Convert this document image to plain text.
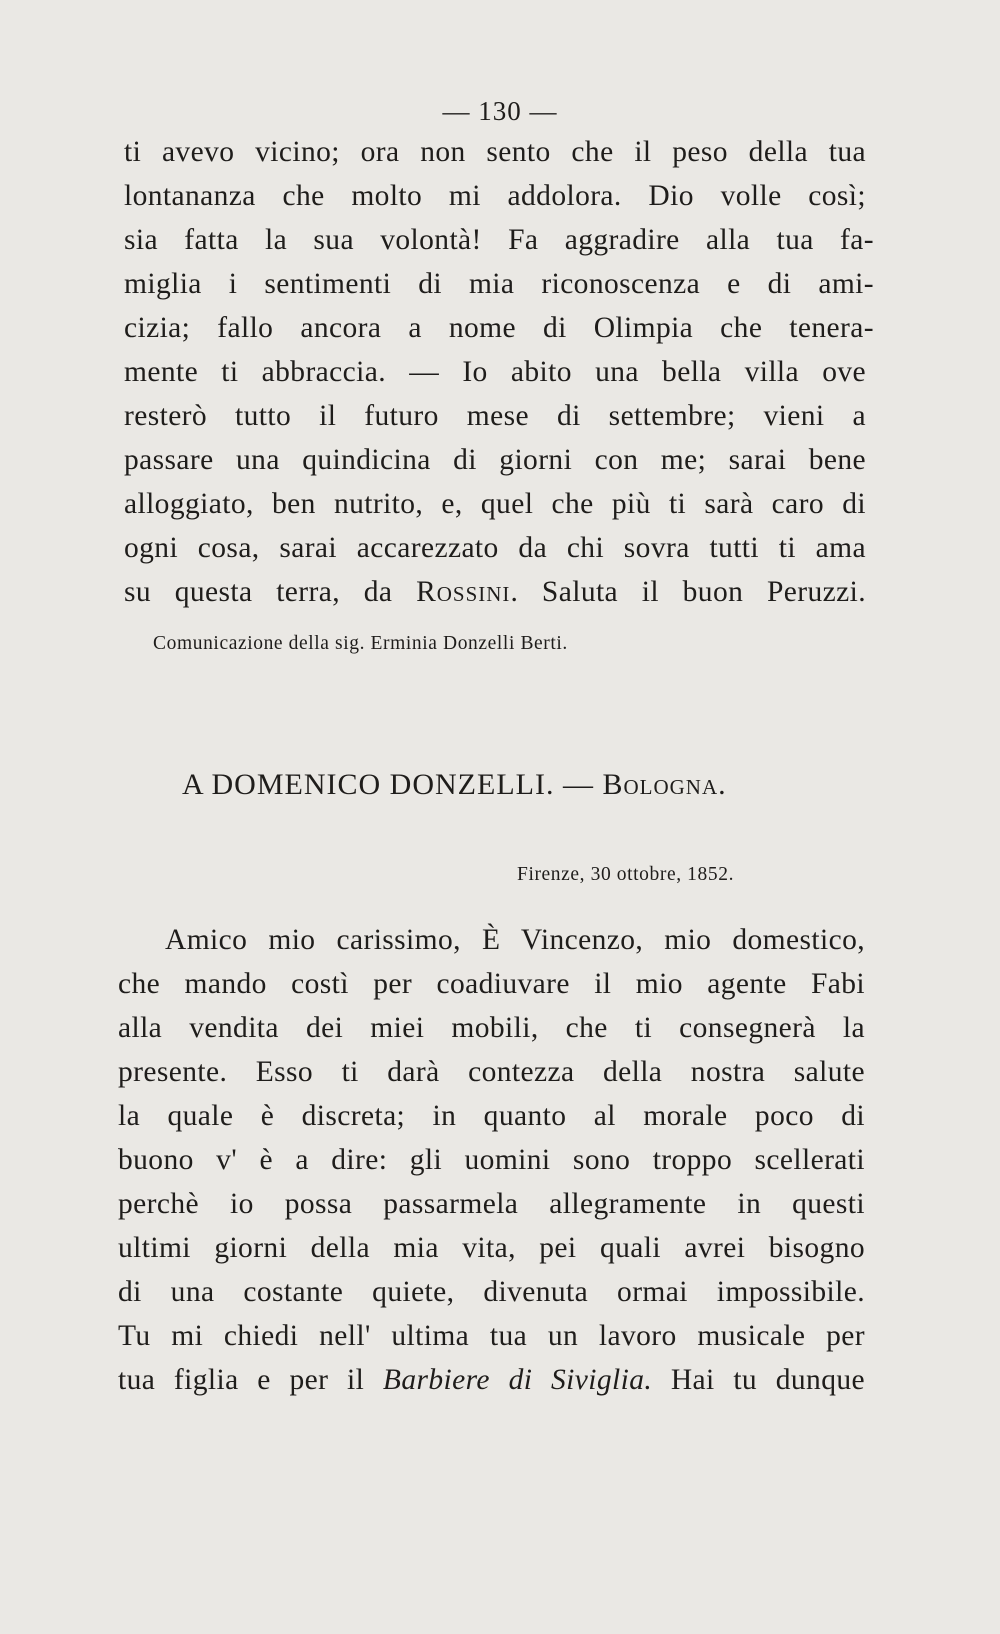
— 130 —
ti avevo vicino; ora non sento che il peso della tua
lontananza che molto mi addolora. Dio volle così;
sia fatta la sua volontà! Fa aggradire alla tua fa-
miglia i sentimenti di mia riconoscenza e di ami-
cizia; fallo ancora a nome di Olimpia che tenera-
mente ti abbraccia. — Io abito una bella villa ove
resterò tutto il futuro mese di settembre; vieni a
passare una quindicina di giorni con me; sarai bene
alloggiato, ben nutrito, e, quel che più ti sarà caro di
ogni cosa, sarai accarezzato da chi sovra tutti ti ama
su questa terra, da Rossini. Saluta il buon Peruzzi.
Comunicazione della sig. Erminia Donzelli Berti.
A DOMENICO DONZELLI. — Bologna.
Firenze, 30 ottobre, 1852.
Amico mio carissimo, È Vincenzo, mio domestico,
che mando costì per coadiuvare il mio agente Fabi
alla vendita dei miei mobili, che ti consegnerà la
presente. Esso ti darà contezza della nostra salute
la quale è discreta; in quanto al morale poco di
buono v' è a dire: gli uomini sono troppo scellerati
perchè io possa passarmela allegramente in questi
ultimi giorni della mia vita, pei quali avrei bisogno
di una costante quiete, divenuta ormai impossibile.
Tu mi chiedi nell' ultima tua un lavoro musicale per
tua figlia e per il Barbiere di Siviglia. Hai tu dunque
